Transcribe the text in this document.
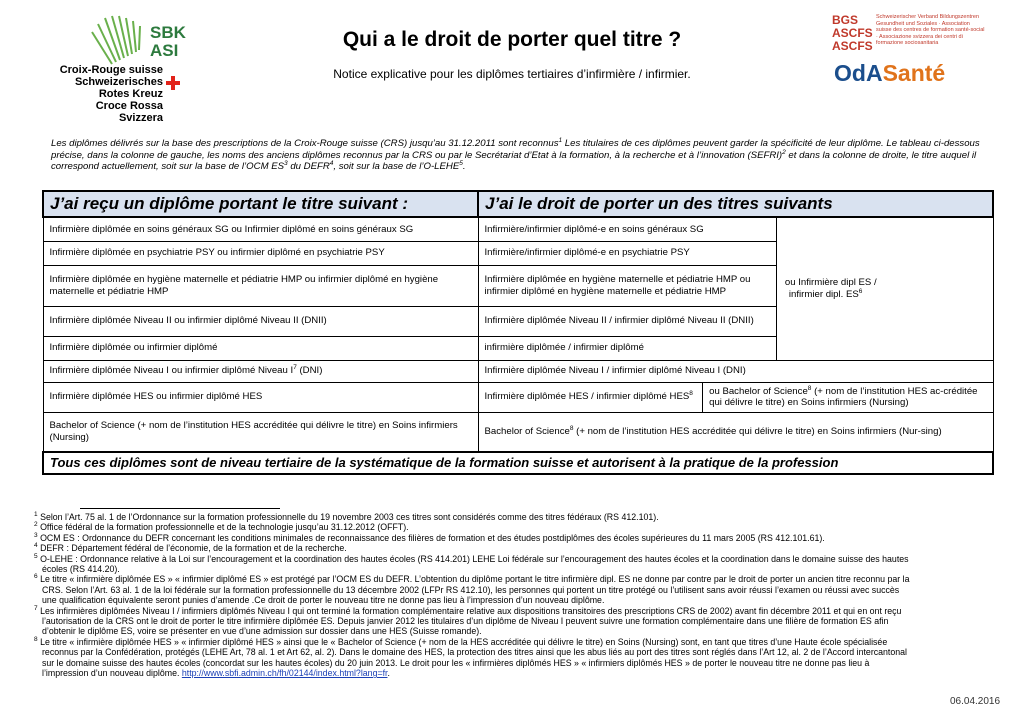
SBK
ASI
Croix-Rouge suisse
Schweizerisches Rotes Kreuz
Croce Rossa Svizzera
BGS
ASCFS
ASCFS
Schweizerischer Verband Bildungszentren Gesundheit und Soziales · Association suisse des centres de formation santé-social · Associazione svizzera dei centri di formazione sociosanitaria
OdASanté
Qui a le droit de porter quel titre ?
Notice explicative pour les diplômes tertiaires d’infirmière / infirmier.
Les diplômes délivrés sur la base des prescriptions de la Croix-Rouge suisse (CRS) jusqu’au 31.12.2011 sont reconnus$^1$ Les titulaires de ces diplômes peuvent garder la spécificité de leur diplôme. Le tableau ci-dessous précise, dans la colonne de gauche, les noms des anciens diplômes reconnus par la CRS ou par le Secrétariat d’Etat à la formation, à la recherche et à l’innovation (SEFRI)$^2$ et dans la colonne de droite, le titre auquel il correspond actuellement, soit sur la base de l’OCM $ES^3$ du DEFR$^4$, soit sur la base de l’O-LEHE$^5$.
J’ai reçu un diplôme portant le titre suivant :	J’ai le droit de porter un des titres suivants		
Infirmière diplômée en soins généraux SG ou Infirmier diplômé en soins généraux SG	Infirmière/infirmier diplômé-e en soins généraux SG		ou Infirmière dipl ES /
infirmier dipl. $ES^6$

Infirmière diplômée en psychiatrie PSY ou infirmier diplômé en psychiatrie PSY	Infirmière/infirmier diplômé-e en psychiatrie PSY		
Infirmière diplômée en hygiène maternelle et pédiatrie HMP ou infirmier diplômé en hygiène maternelle et pédiatrie HMP	Infirmière diplômée en hygiène maternelle et pédiatrie HMP ou infirmier diplômé en hygiène maternelle et pédiatrie HMP		
Infirmière diplômée Niveau II ou infirmier diplômé Niveau II (DNII)	Infirmière diplômée Niveau II / infirmier diplômé Niveau II (DNII)		
Infirmière diplômée ou infirmier diplômé	infirmière diplômée / infirmier diplômé		
Infirmière diplômée Niveau I ou infirmier diplômé Niveau $I^7$ (DNI)	Infirmière diplômée Niveau I / infirmier diplômé Niveau I (DNI)		
Infirmière diplômée HES ou infirmier diplômé HES	Infirmière diplômée HES / infirmier diplômé HES$^8$	ou Bachelor of Science$^8$ (+ nom de l’institution HES ac-créditée qui délivre le titre) en Soins infirmiers (Nursing)	
Bachelor of Science (+ nom de l’institution HES accréditée qui délivre le titre) en Soins infirmiers (Nursing)	Bachelor of Science$^8$ (+ nom de l’institution HES accréditée qui délivre le titre) en Soins infirmiers (Nur-sing)		
Tous ces diplômes sont de niveau tertiaire de la systématique de la formation suisse et autorisent à la pratique de la profession			

$^1$ Selon l’Art. 75 al. 1 de l’Ordonnance sur la formation professionnelle du 19 novembre 2003 ces titres sont considérés comme des titres fédéraux (RS 412.101).

$^2$ Office fédéral de la formation professionnelle et de la technologie jusqu’au 31.12.2012 (OFFT).

$^3$ OCM ES : Ordonnance du DEFR concernant les conditions minimales de reconnaissance des filières de formation et des études postdiplômes des écoles supérieures du 11 mars 2005 (RS 412.101.61).

$^4$ DEFR : Département fédéral de l’économie, de la formation et de la recherche.

$^5$ O-LEHE : Ordonnance relative à la Loi sur l’encouragement et la coordination des hautes écoles (RS 414.201) LEHE Loi fédérale sur l’encouragement des hautes écoles et la coordination dans le domaine suisse des hautes

écoles (RS 414.20).

$^6$ Le titre « infirmière diplômée ES » « infirmier diplômé ES » est protégé par l’OCM ES du DEFR. L’obtention du diplôme portant le titre infirmière dipl. ES ne donne par contre par le droit de porter un ancien titre reconnu par la

CRS. Selon l’Art. 63 al. 1 de la loi fédérale sur la formation professionnelle du 13 décembre 2002 (LFPr RS 412.10), les personnes qui portent un titre protégé ou l’utilisent sans avoir réussi l’examen ou réussi avec succès

une qualification équivalente seront punies d’amende .Ce droit de porter le nouveau titre ne donne pas lieu à l’impression d’un nouveau diplôme.

$^7$ Les infirmières diplômées Niveau I / infirmiers diplômés Niveau I qui ont terminé la formation complémentaire relative aux dispositions transitoires des prescriptions CRS de 2002) avant fin décembre 2011 et qui en ont reçu

l’autorisation de la CRS ont le droit de porter le titre infirmière diplômée ES. Depuis janvier 2012 les titulaires d’un diplôme de Niveau I peuvent suivre une formation complémentaire dans une filière de formation ES afin

d’obtenir le diplôme ES, voire se présenter en vue d’une admission sur dossier dans une HES (Suisse romande).

$^8$ Le titre « infirmière diplômée HES » « infirmier diplômé HES » ainsi que le « Bachelor of Science (+ nom de la HES accréditée qui délivre le titre) en Soins (Nursing) sont, en tant que titres d’une Haute école spécialisée

reconnus par la Confédération, protégés (LEHE Art, 78 al. 1 et Art 62, al. 2). Dans le domaine des HES, la protection des titres ainsi que les abus liés au port des titres sont réglés dans l’Art 12, al. 2 de l’Accord intercantonal

sur le domaine suisse des hautes écoles (concordat sur les hautes écoles) du 20 juin 2013. Le droit pour les « infirmières diplômés HES » « infirmiers diplômés HES » de porter le nouveau titre ne donne pas lieu à

l’impression d’un nouveau diplôme. http://www.sbfi.admin.ch/fh/02144/index.html?lang=fr.

06.04.2016
